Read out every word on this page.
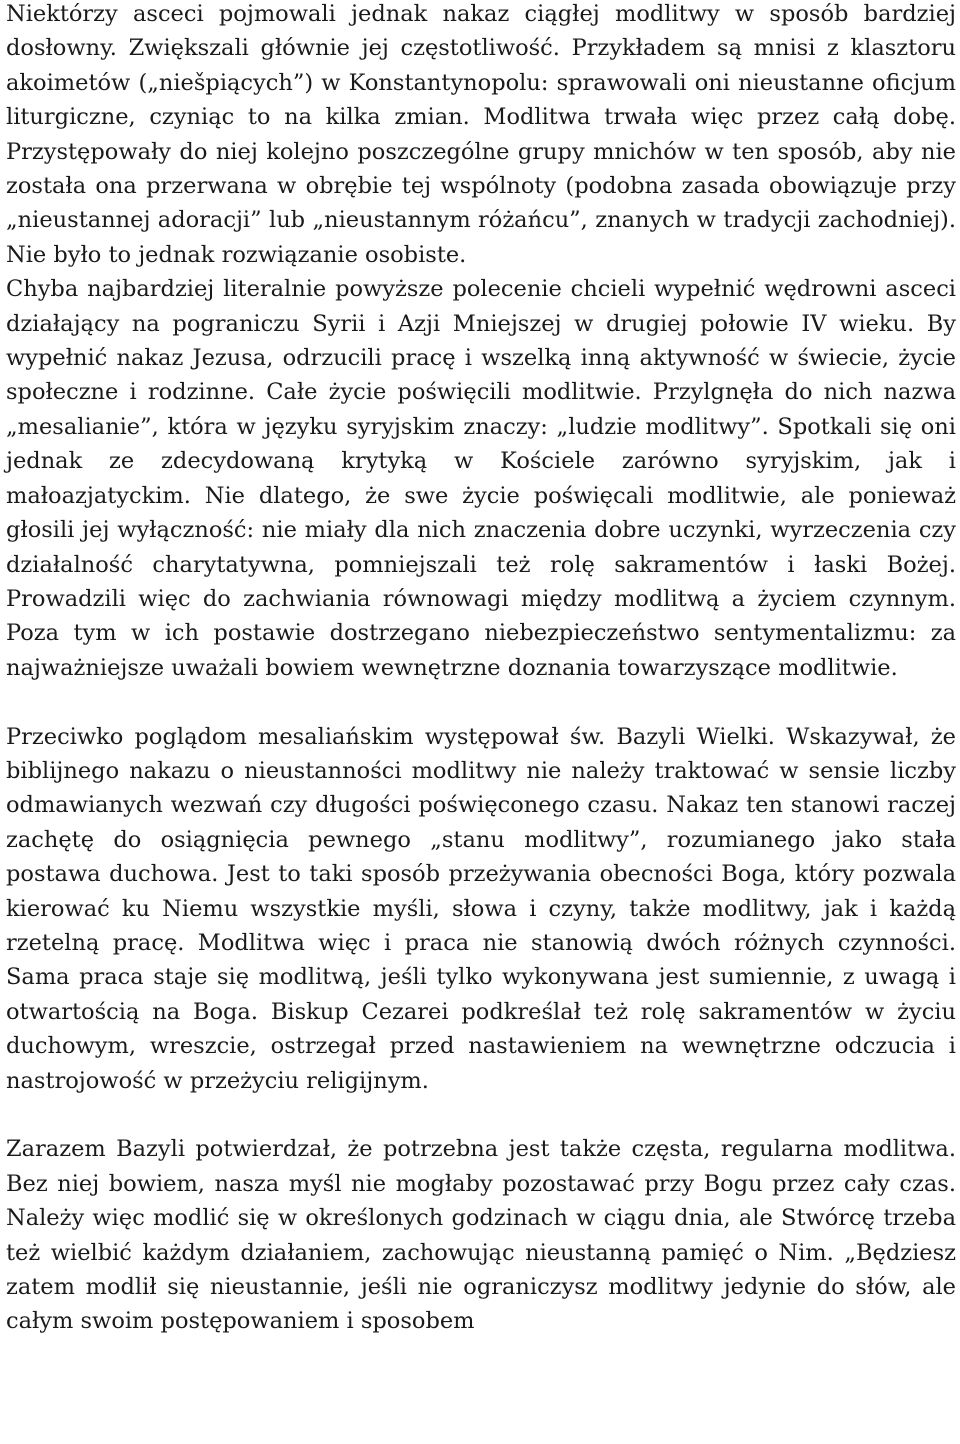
Niektórzy asceci pojmowali jednak nakaz ciągłej modlitwy w sposób bardziej dosłowny. Zwiększali głównie jej częstotliwość. Przykładem są mnisi z klasztoru akoimetów („niešpiących”) w Konstantynopolu: sprawowali oni nieustanne oficjum liturgiczne, czyniąc to na kilka zmian. Modlitwa trwała więc przez całą dobę. Przystępowały do niej kolejno poszczególne grupy mnichów w ten sposób, aby nie została ona przerwana w obrębie tej wspólnoty (podobna zasada obowiązuje przy „nieustannej adoracji” lub „nieustannym różańcu”, znanych w tradycji zachodniej). Nie było to jednak rozwiązanie osobiste.

Chyba najbardziej literalnie powyższe polecenie chcieli wypełnić wędrowni asceci działający na pograniczu Syrii i Azji Mniejszej w drugiej połowie IV wieku. By wypełnić nakaz Jezusa, odrzucili pracę i wszelką inną aktywność w świecie, życie społeczne i rodzinne. Całe życie poświęcili modlitwie. Przylgnęła do nich nazwa „mesalianie”, która w języku syryjskim znaczy: „ludzie modlitwy”. Spotkali się oni jednak ze zdecydowaną krytyką w Kościele zarówno syryjskim, jak i małoazjatyckim. Nie dlatego, że swe życie poświęcali modlitwie, ale ponieważ głosili jej wyłączność: nie miały dla nich znaczenia dobre uczynki, wyrzeczenia czy działalność charytatywna, pomniejszali też rolę sakramentów i łaski Bożej. Prowadzili więc do zachwiania równowagi między modlitwą a życiem czynnym. Poza tym w ich postawie dostrzegano niebezpieczeństwo sentymentalizmu: za najważniejsze uważali bowiem wewnętrzne doznania towarzyszące modlitwie.

Przeciwko poglądom mesaliańskim występował św. Bazyli Wielki. Wskazywał, że biblijnego nakazu o nieustanności modlitwy nie należy traktować w sensie liczby odmawianych wezwań czy długości poświęconego czasu. Nakaz ten stanowi raczej zachętę do osiągnięcia pewnego „stanu modlitwy”, rozumianego jako stała postawa duchowa. Jest to taki sposób przeżywania obecności Boga, który pozwala kierować ku Niemu wszystkie myśli, słowa i czyny, także modlitwy, jak i każdą rzetelną pracę. Modlitwa więc i praca nie stanowią dwóch różnych czynności. Sama praca staje się modlitwą, jeśli tylko wykonywana jest sumiennie, z uwagą i otwartością na Boga. Biskup Cezarei podkreślał też rolę sakramentów w życiu duchowym, wreszcie, ostrzegał przed nastawieniem na wewnętrzne odczucia i nastrojowość w przeżyciu religijnym.

Zarazem Bazyli potwierdzał, że potrzebna jest także częsta, regularna modlitwa. Bez niej bowiem, nasza myśl nie mogłaby pozostawać przy Bogu przez cały czas. Należy więc modlić się w określonych godzinach w ciągu dnia, ale Stwórcę trzeba też wielbić każdym działaniem, zachowując nieustanną pamięć o Nim. „Będziesz zatem modlił się nieustannie, jeśli nie ograniczysz modlitwy jedynie do słów, ale całym swoim postępowaniem i sposobem
